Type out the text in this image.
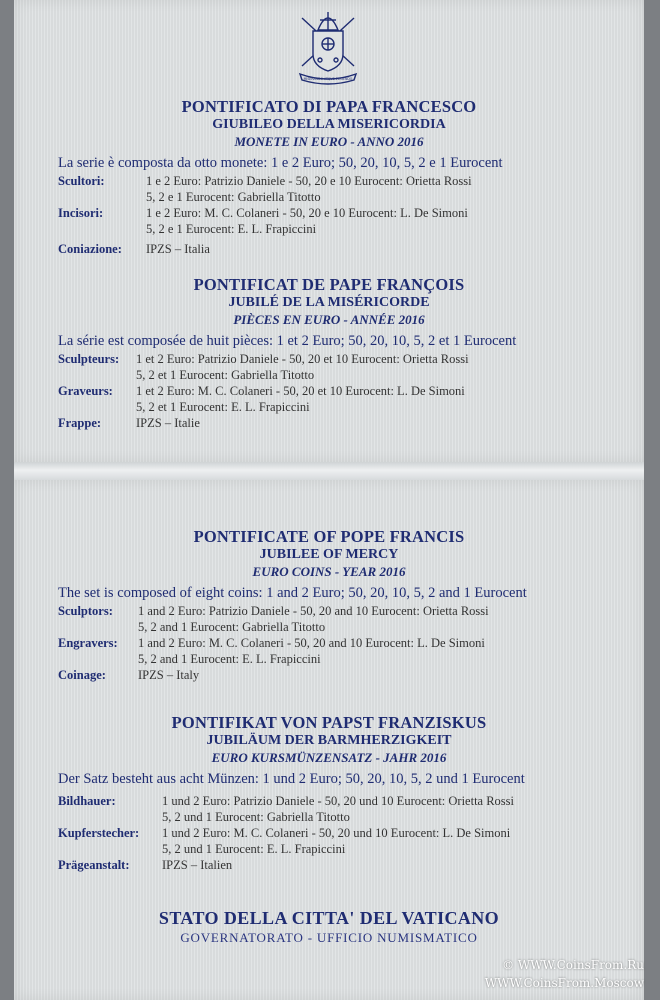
MISERANDO ATQUE ELIGENDO
PONTIFICATO DI PAPA FRANCESCO
GIUBILEO DELLA MISERICORDIA
MONETE IN EURO - ANNO 2016
La serie è composta da otto monete: 1 e 2 Euro; 50, 20, 10, 5, 2 e 1 Eurocent
Scultori:	1 e 2 Euro: Patrizio Daniele - 50, 20 e 10 Eurocent: Orietta Rossi
5, 2 e 1 Eurocent: Gabriella Titotto
Incisori:	1 e 2 Euro: M. C. Colaneri - 50, 20 e 10 Eurocent: L. De Simoni
5, 2 e 1 Eurocent: E. L. Frapiccini
Coniazione: IPZS – Italia
PONTIFICAT DE PAPE FRANÇOIS
JUBILÉ DE LA MISÉRICORDE
PIÈCES EN EURO - ANNÉE 2016
La série est composée de huit pièces: 1 et 2 Euro; 50, 20, 10, 5, 2 et 1 Eurocent
Sculpteurs: 1 et 2 Euro: Patrizio Daniele - 50, 20 et 10 Eurocent: Orietta Rossi
5, 2 et 1 Eurocent: Gabriella Titotto
Graveurs: 1 et 2 Euro: M. C. Colaneri - 50, 20 et 10 Eurocent: L. De Simoni
5, 2 et 1 Eurocent: E. L. Frapiccini
Frappe:	IPZS – Italie
PONTIFICATE OF POPE FRANCIS
JUBILEE OF MERCY
EURO COINS - YEAR 2016
The set is composed of eight coins: 1 and 2 Euro; 50, 20, 10, 5, 2 and 1 Eurocent
Sculptors: 1 and 2 Euro: Patrizio Daniele - 50, 20 and 10 Eurocent: Orietta Rossi
5, 2 and 1 Eurocent: Gabriella Titotto
Engravers: 1 and 2 Euro: M. C. Colaneri - 50, 20 and 10 Eurocent: L. De Simoni
5, 2 and 1 Eurocent: E. L. Frapiccini
Coinage:	IPZS – Italy
PONTIFIKAT VON PAPST FRANZISKUS
JUBILÄUM DER BARMHERZIGKEIT
EURO KURSMÜNZENSATZ - JAHR 2016
Der Satz besteht aus acht Münzen: 1 und 2 Euro; 50, 20, 10, 5, 2 und 1 Eurocent
Bildhauer:	1 und 2 Euro: Patrizio Daniele - 50, 20 und 10 Eurocent: Orietta Rossi
5, 2 und 1 Eurocent: Gabriella Titotto
Kupferstecher: 1 und 2 Euro: M. C. Colaneri - 50, 20 und 10 Eurocent: L. De Simoni
5, 2 und 1 Eurocent: E. L. Frapiccini
Prägeanstalt:	IPZS – Italien
STATO DELLA CITTA' DEL VATICANO
GOVERNATORATO - UFFICIO NUMISMATICO
© WWW.CoinsFrom.Ru
WWW.CoinsFrom.Moscow
